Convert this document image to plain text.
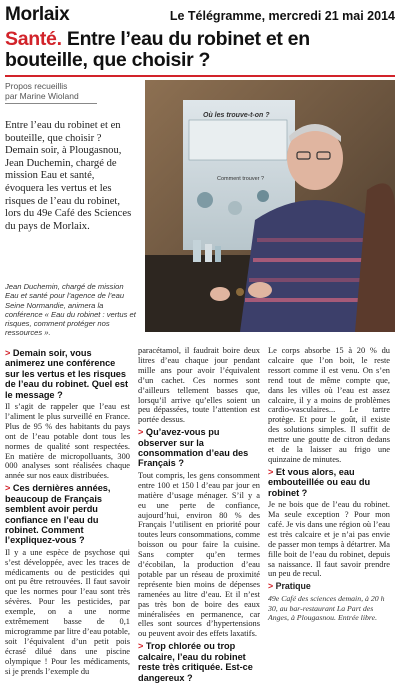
Morlaix	Le Télégramme, mercredi 21 mai 2014
Santé. Entre l’eau du robinet et en bouteille, que choisir ?
Propos recueillis
par Marine Wioland

Entre l’eau du robinet et en bouteille, que choisir ? Demain soir, à Plougasnou, Jean Duchemin, chargé de mission Eau et santé, évoquera les vertus et les risques de l’eau du robinet, lors du 49e Café des Sciences du pays de Morlaix.

Où les trouve-t-on ?
Comment trouver ?

Jean Duchemin, chargé de mission Eau et santé pour l’agence de l’eau Seine Normandie, animera la conférence « Eau du robinet : vertus et risques, comment protéger nos ressources ».

> Demain soir, vous animerez une conférence sur les vertus et les risques de l’eau du robinet. Quel est le message ?
Il s’agit de rappeler que l’eau est l’aliment le plus surveillé en France. Plus de 95 % des habitants du pays ont de l’eau potable dont tous les normes de qualité sont respectées. En matière de micropolluants, 300 000 analyses sont réalisées chaque année sur nos eaux distribuées.
> Ces dernières années, beaucoup de Français semblent avoir perdu confiance en l’eau du robinet. Comment l’expliquez-vous ?
Il y a une espèce de psychose qui s’est développée, avec les traces de médicaments ou de pesticides qui ont pu être retrouvées. Il faut savoir que les normes pour l’eau sont très sévères. Pour les pesticides, par exemple, on a une norme extrêmement basse de 0,1 microgramme par litre d’eau potable, soit l’équivalent d’un petit pois écrasé dilué dans une piscine olympique ! Pour les médicaments, si je prends l’exemple du
paracétamol, il faudrait boire deux litres d’eau chaque jour pendant mille ans pour avoir l’équivalent d’un cachet. Ces normes sont d’ailleurs tellement basses que, lorsqu’il arrive qu’elles soient un peu dépassées, toute l’attention est portée dessus.
> Qu’avez-vous pu observer sur la consommation d’eau des Français ?
Tout compris, les gens consomment entre 100 et 150 l d’eau par jour en matière d’usage ménager. S’il y a eu une perte de confiance, aujourd’hui, environ 80 % des Français l’utilisent en priorité pour toutes leurs consommations, comme boisson ou pour faire la cuisine. Sans compter qu’en termes d’écobilan, la production d’eau potable par un réseau de proximité représente bien moins de dépenses ramenées au litre d’eau. Et il n’est pas très bon de boire des eaux minéralisées en permanence, car elles sont sources d’hypertensions ou peuvent avoir des effets laxatifs.
> Trop chlorée ou trop calcaire, l’eau du robinet reste très critiquée. Est-ce dangereux ?
Le corps absorbe 15 à 20 % du calcaire que l’on boit, le reste ressort comme il est venu. On s’en rend tout de même compte que, dans les villes où l’eau est assez calcaire, il y a moins de problèmes cardio-vasculaires... Le tartre protège. Et pour le goût, il existe des solutions simples. Il suffit de mettre une goutte de citron dedans et de la laisser au frigo une quinzaine de minutes.
> Et vous alors, eau embouteillée ou eau du robinet ?
Je ne bois que de l’eau du robinet. Ma seule exception ? Pour mon café. Je vis dans une région où l’eau est très calcaire et je n’ai pas envie de passer mon temps à détartrer. Ma fille boit de l’eau du robinet, depuis sa naissance. Il faut savoir prendre un peu de recul.
> Pratique
49e Café des sciences demain, à 20 h 30, au bar-restaurant La Part des Anges, à Plougasnou. Entrée libre.
